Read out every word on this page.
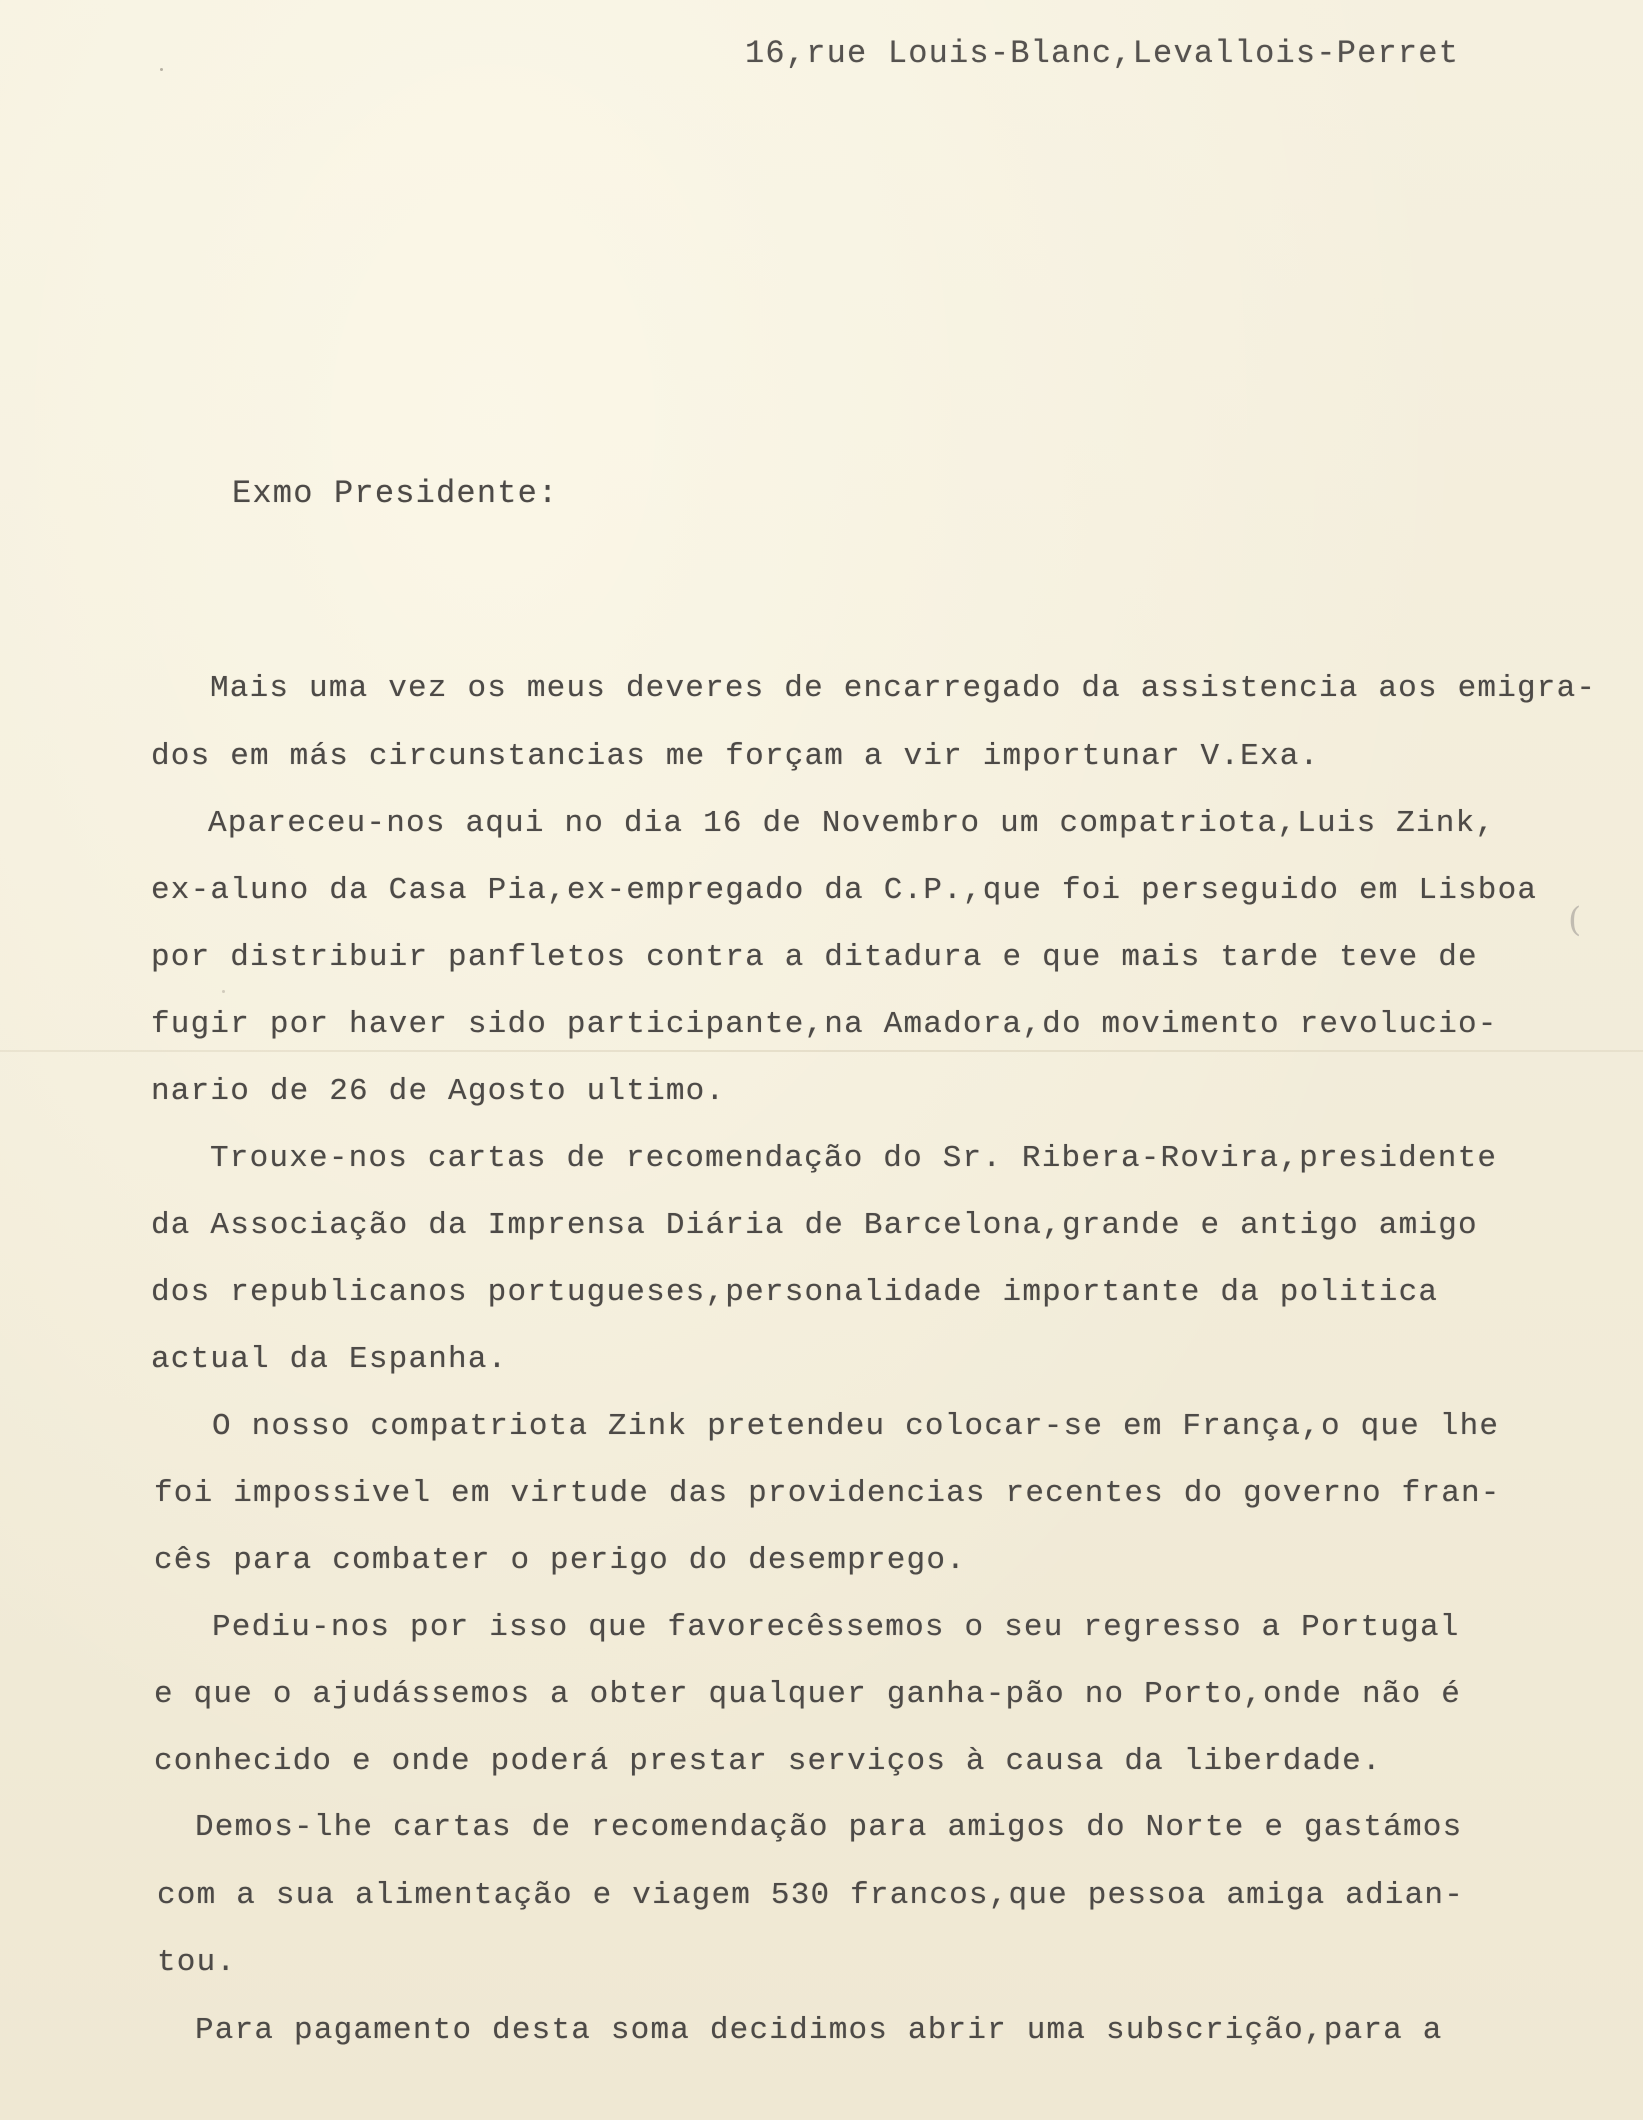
(
16,rue Louis-Blanc,Levallois-Perret
Exmo Presidente:
Mais uma vez os meus deveres de encarregado da assistencia aos emigra-
dos em más circunstancias me forçam a vir importunar V.Exa.
Apareceu-nos aqui no dia 16 de Novembro um compatriota,Luis Zink,
ex-aluno da Casa Pia,ex-empregado da C.P.,que foi perseguido em Lisboa
por distribuir panfletos contra a ditadura e que mais tarde teve de
fugir por haver sido participante,na Amadora,do movimento revolucio-
nario de 26 de Agosto ultimo.
Trouxe-nos cartas de recomendação do Sr. Ribera-Rovira,presidente
da Associação da Imprensa Diária de Barcelona,grande e antigo amigo
dos republicanos portugueses,personalidade importante da politica
actual da Espanha.
O nosso compatriota Zink pretendeu colocar-se em França,o que lhe
foi impossivel em virtude das providencias recentes do governo fran-
cês para combater o perigo do desemprego.
Pediu-nos por isso que favorecêssemos o seu regresso a Portugal
e que o ajudássemos a obter qualquer ganha-pão no Porto,onde não é
conhecido e onde poderá prestar serviços à causa da liberdade.
Demos-lhe cartas de recomendação para amigos do Norte e gastámos
com a sua alimentação e viagem 530 francos,que pessoa amiga adian-
tou.
Para pagamento desta soma decidimos abrir uma subscrição,para a
